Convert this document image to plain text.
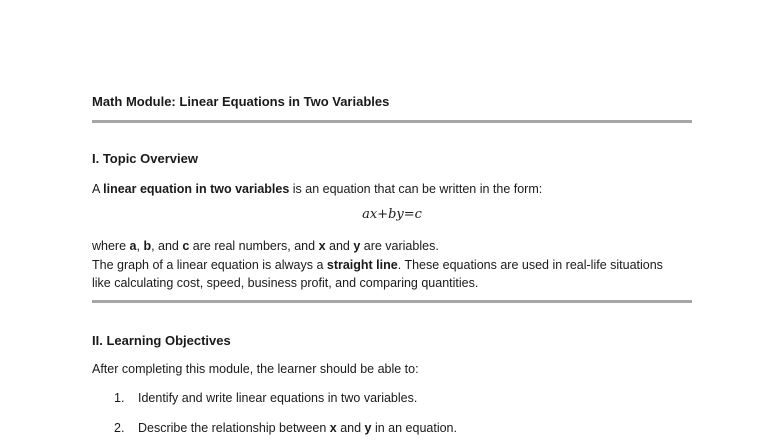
Math Module: Linear Equations in Two Variables
I. Topic Overview
A linear equation in two variables is an equation that can be written in the form:
ax+by=c
where a, b, and c are real numbers, and x and y are variables.
The graph of a linear equation is always a straight line. These equations are used in real-life situations
like calculating cost, speed, business profit, and comparing quantities.
II. Learning Objectives
After completing this module, the learner should be able to:
1. Identify and write linear equations in two variables.
2. Describe the relationship between x and y in an equation.
